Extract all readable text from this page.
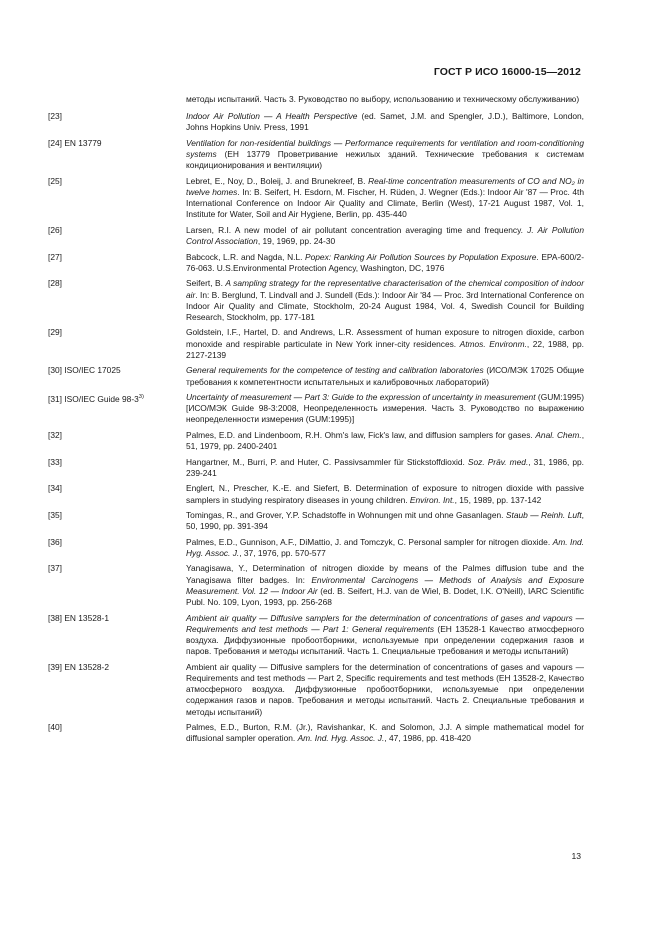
ГОСТ Р ИСО 16000-15—2012
методы испытаний. Часть 3. Руководство по выбору, использованию и техническому обслуживанию)
[23]	Indoor Air Pollution — A Health Perspective (ed. Samet, J.M. and Spengler, J.D.), Baltimore, London, Johns Hopkins Univ. Press, 1991
[24] EN 13779	Ventilation for non-residential buildings — Performance requirements for ventilation and room-conditioning systems (ЕН 13779 Проветривание нежилых зданий. Технические требования к системам кондиционирования и вентиляции)
[25]	Lebret, E., Noy, D., Boleij, J. and Brunekreef, B. Real-time concentration measurements of CO and NO₂ in twelve homes. In: B. Seifert, H. Esdorn, M. Fischer, H. Rüden, J. Wegner (Eds.): Indoor Air '87 — Proc. 4th International Conference on Indoor Air Quality and Climate, Berlin (West), 17-21 August 1987, Vol. 1, Institute for Water, Soil and Air Hygiene, Berlin, pp. 435-440
[26]	Larsen, R.I. A new model of air pollutant concentration averaging time and frequency. J. Air Pollution Control Association, 19, 1969, pp. 24-30
[27]	Babcock, L.R. and Nagda, N.L. Popex: Ranking Air Pollution Sources by Population Exposure. EPA-600/2-76-063. U.S.Environmental Protection Agency, Washington, DC, 1976
[28]	Seifert, B. A sampling strategy for the representative characterisation of the chemical composition of indoor air. In: B. Berglund, T. Lindvall and J. Sundell (Eds.): Indoor Air '84 — Proc. 3rd International Conference on Indoor Air Quality and Climate, Stockholm, 20-24 August 1984, Vol. 4, Swedish Council for Building Research, Stockholm, pp. 177-181
[29]	Goldstein, I.F., Hartel, D. and Andrews, L.R. Assessment of human exposure to nitrogen dioxide, carbon monoxide and respirable particulate in New York inner-city residences. Atmos. Environm., 22, 1988, pp. 2127-2139
[30] ISO/IEC 17025	General requirements for the competence of testing and calibration laboratories (ИСО/МЭК 17025 Общие требования к компетентности испытательных и калибровочных лабораторий)
[31] ISO/IEC Guide 98-3$^{3)}$	Uncertainty of measurement — Part 3: Guide to the expression of uncertainty in measurement (GUM:1995) [ИСО/МЭК Guide 98-3:2008, Неопределенность измерения. Часть 3. Руководство по выражению неопределенности измерения (GUM:1995)]
[32]	Palmes, E.D. and Lindenboom, R.H. Ohm's law, Fick's law, and diffusion samplers for gases. Anal. Chem., 51, 1979, pp. 2400-2401
[33]	Hangartner, M., Burri, P. and Huter, C. Passivsammler für Stickstoffdioxid. Soz. Präv. med., 31, 1986, pp. 239-241
[34]	Englert, N., Prescher, K.-E. and Siefert, B. Determination of exposure to nitrogen dioxide with passive samplers in studying respiratory diseases in young children. Environ. Int., 15, 1989, pp. 137-142
[35]	Tomingas, R., and Grover, Y.P. Schadstoffe in Wohnungen mit und ohne Gasanlagen. Staub — Reinh. Luft, 50, 1990, pp. 391-394
[36]	Palmes, E.D., Gunnison, A.F., DiMattio, J. and Tomczyk, C. Personal sampler for nitrogen dioxide. Am. Ind. Hyg. Assoc. J., 37, 1976, pp. 570-577
[37]	Yanagisawa, Y., Determination of nitrogen dioxide by means of the Palmes diffusion tube and the Yanagisawa filter badges. In: Environmental Carcinogens — Methods of Analysis and Exposure Measurement. Vol. 12 — Indoor Air (ed. B. Seifert, H.J. van de Wiel, B. Dodet, I.K. O'Neill), IARC Scientific Publ. No. 109, Lyon, 1993, pp. 256-268
[38] EN 13528-1	Ambient air quality — Diffusive samplers for the determination of concentrations of gases and vapours — Requirements and test methods — Part 1: General requirements (ЕН 13528-1 Качество атмосферного воздуха. Диффузионные пробоотборники, используемые при определении содержания газов и паров. Требования и методы испытаний. Часть 1. Специальные требования и методы испытаний)
[39] EN 13528-2	Ambient air quality — Diffusive samplers for the determination of concentrations of gases and vapours — Requirements and test methods — Part 2, Specific requirements and test methods (ЕН 13528-2, Качество атмосферного воздуха. Диффузионные пробоотборники, используемые при определении содержания газов и паров. Требования и методы испытаний. Часть 2. Специальные требования и методы испытаний)
[40]	Palmes, E.D., Burton, R.M. (Jr.), Ravishankar, K. and Solomon, J.J. A simple mathematical model for diffusional sampler operation. Am. Ind. Hyg. Assoc. J., 47, 1986, pp. 418-420
13
